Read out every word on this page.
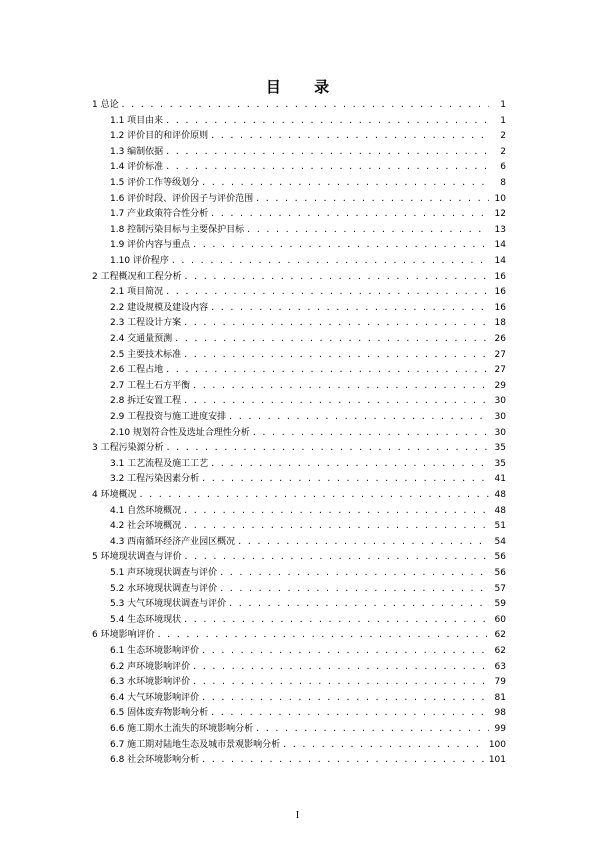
目 录
1 总论 . . .	1
1.1 项目由来 . . .	1
1.2 评价目的和评价原则 . . .	2
1.3 编制依据 . . .	2
1.4 评价标准 . . .	6
1.5 评价工作等级划分 . . .	8
1.6 评价时段、评价因子与评价范围 . . .	10
1.7 产业政策符合性分析 . . .	12
1.8 控制污染目标与主要保护目标 . . .	13
1.9 评价内容与重点 . . .	14
1.10 评价程序 . . .	14
2 工程概况和工程分析 . . .	16
2.1 项目简况 . . .	16
2.2 建设规模及建设内容 . . .	16
2.3 工程设计方案 . . .	18
2.4 交通量预测 . . .	26
2.5 主要技术标准 . . .	27
2.6 工程占地 . . .	27
2.7 工程土石方平衡 . . .	29
2.8 拆迁安置工程 . . .	30
2.9 工程投资与施工进度安排 . . .	30
2.10 规划符合性及选址合理性分析 . . .	30
3 工程污染源分析 . . .	35
3.1 工艺流程及施工工艺 . . .	35
3.2 工程污染因素分析 . . .	41
4 环境概况 . . .	48
4.1 自然环境概况 . . .	48
4.2 社会环境概况 . . .	51
4.3 西南循环经济产业园区概况 . . .	54
5 环境现状调查与评价 . . .	56
5.1 声环境现状调查与评价 . . .	56
5.2 水环境现状调查与评价 . . .	57
5.3 大气环境现状调查与评价 . . .	59
5.4 生态环境现状 . . .	60
6 环境影响评价 . . .	62
6.1 生态环境影响评价 . . .	62
6.2 声环境影响评价 . . .	63
6.3 水环境影响评价 . . .	79
6.4 大气环境影响评价 . . .	81
6.5 固体废弃物影响分析 . . .	98
6.6 施工期水土流失的环境影响分析 . . .	99
6.7 施工期对陆地生态及城市景观影响分析 . . .	100
6.8 社会环境影响分析 . . .	101
I
